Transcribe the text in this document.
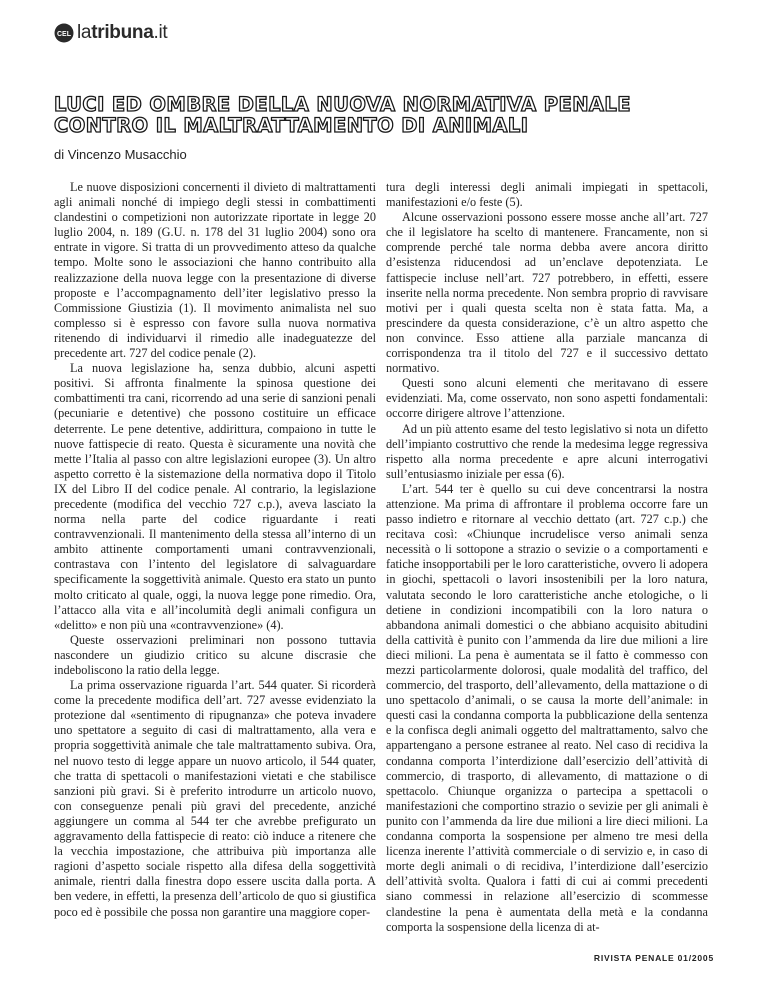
CEL latribuna.it
LUCI ED OMBRE DELLA NUOVA NORMATIVA PENALE
CONTRO IL MALTRATTAMENTO DI ANIMALI
di Vincenzo Musacchio

Le nuove disposizioni concernenti il divieto di maltrattamenti agli animali nonché di impiego degli stessi in combattimenti clandestini o competizioni non autorizzate riportate in legge 20 luglio 2004, n. 189 (G.U. n. 178 del 31 luglio 2004) sono ora entrate in vigore. Si tratta di un provvedimento atteso da qualche tempo. Molte sono le associazioni che hanno contribuito alla realizzazione della nuova legge con la presentazione di diverse proposte e l’accompagnamento dell’iter legislativo presso la Commissione Giustizia (1). Il movimento animalista nel suo complesso si è espresso con favore sulla nuova normativa ritenendo di individuarvi il rimedio alle inadeguatezze del precedente art. 727 del codice penale (2).

La nuova legislazione ha, senza dubbio, alcuni aspetti positivi. Si affronta finalmente la spinosa questione dei combattimenti tra cani, ricorrendo ad una serie di sanzioni penali (pecuniarie e detentive) che possono costituire un efficace deterrente. Le pene detentive, addirittura, compaiono in tutte le nuove fattispecie di reato. Questa è sicuramente una novità che mette l’Italia al passo con altre legislazioni europee (3). Un altro aspetto corretto è la sistemazione della normativa dopo il Titolo IX del Libro II del codice penale. Al contrario, la legislazione precedente (modifica del vecchio 727 c.p.), aveva lasciato la norma nella parte del codice riguardante i reati contravvenzionali. Il mantenimento della stessa all’interno di un ambito attinente comportamenti umani contravvenzionali, contrastava con l’intento del legislatore di salvaguardare specificamente la soggettività animale. Questo era stato un punto molto criticato al quale, oggi, la nuova legge pone rimedio. Ora, l’attacco alla vita e all’incolumità degli animali configura un «delitto» e non più una «contravvenzione» (4).

Queste osservazioni preliminari non possono tuttavia nascondere un giudizio critico su alcune discrasie che indeboliscono la ratio della legge.

La prima osservazione riguarda l’art. 544 quater. Si ricorderà come la precedente modifica dell’art. 727 avesse evidenziato la protezione dal «sentimento di ripugnanza» che poteva invadere uno spettatore a seguito di casi di maltrattamento, alla vera e propria soggettività animale che tale maltrattamento subiva. Ora, nel nuovo testo di legge appare un nuovo articolo, il 544 quater, che tratta di spettacoli o manifestazioni vietati e che stabilisce sanzioni più gravi. Si è preferito introdurre un articolo nuovo, con conseguenze penali più gravi del precedente, anziché aggiungere un comma al 544 ter che avrebbe prefigurato un aggravamento della fattispecie di reato: ciò induce a ritenere che la vecchia impostazione, che attribuiva più importanza alle ragioni d’aspetto sociale rispetto alla difesa della soggettività animale, rientri dalla finestra dopo essere uscita dalla porta. A ben vedere, in effetti, la presenza dell’articolo de quo si giustifica poco ed è possibile che possa non garantire una maggiore coper-

tura degli interessi degli animali impiegati in spettacoli, manifestazioni e/o feste (5).

Alcune osservazioni possono essere mosse anche all’art. 727 che il legislatore ha scelto di mantenere. Francamente, non si comprende perché tale norma debba avere ancora diritto d’esistenza riducendosi ad un’enclave depotenziata. Le fattispecie incluse nell’art. 727 potrebbero, in effetti, essere inserite nella norma precedente. Non sembra proprio di ravvisare motivi per i quali questa scelta non è stata fatta. Ma, a prescindere da questa considerazione, c’è un altro aspetto che non convince. Esso attiene alla parziale mancanza di corrispondenza tra il titolo del 727 e il successivo dettato normativo.

Questi sono alcuni elementi che meritavano di essere evidenziati. Ma, come osservato, non sono aspetti fondamentali: occorre dirigere altrove l’attenzione.

Ad un più attento esame del testo legislativo si nota un difetto dell’impianto costruttivo che rende la medesima legge regressiva rispetto alla norma precedente e apre alcuni interrogativi sull’entusiasmo iniziale per essa (6).

L’art. 544 ter è quello su cui deve concentrarsi la nostra attenzione. Ma prima di affrontare il problema occorre fare un passo indietro e ritornare al vecchio dettato (art. 727 c.p.) che recitava così: «Chiunque incrudelisce verso animali senza necessità o li sottopone a strazio o sevizie o a comportamenti e fatiche insopportabili per le loro caratteristiche, ovvero li adopera in giochi, spettacoli o lavori insostenibili per la loro natura, valutata secondo le loro caratteristiche anche etologiche, o li detiene in condizioni incompatibili con la loro natura o abbandona animali domestici o che abbiano acquisito abitudini della cattività è punito con l’ammenda da lire due milioni a lire dieci milioni. La pena è aumentata se il fatto è commesso con mezzi particolarmente dolorosi, quale modalità del traffico, del commercio, del trasporto, dell’allevamento, della mattazione o di uno spettacolo d’animali, o se causa la morte dell’animale: in questi casi la condanna comporta la pubblicazione della sentenza e la confisca degli animali oggetto del maltrattamento, salvo che appartengano a persone estranee al reato. Nel caso di recidiva la condanna comporta l’interdizione dall’esercizio dell’attività di commercio, di trasporto, di allevamento, di mattazione o di spettacolo. Chiunque organizza o partecipa a spettacoli o manifestazioni che comportino strazio o sevizie per gli animali è punito con l’ammenda da lire due milioni a lire dieci milioni. La condanna comporta la sospensione per almeno tre mesi della licenza inerente l’attività commerciale o di servizio e, in caso di morte degli animali o di recidiva, l’interdizione dall’esercizio dell’attività svolta. Qualora i fatti di cui ai commi precedenti siano commessi in relazione all’esercizio di scommesse clandestine la pena è aumentata della metà e la condanna comporta la sospensione della licenza di at-

RIVISTA PENALE 01/2005
